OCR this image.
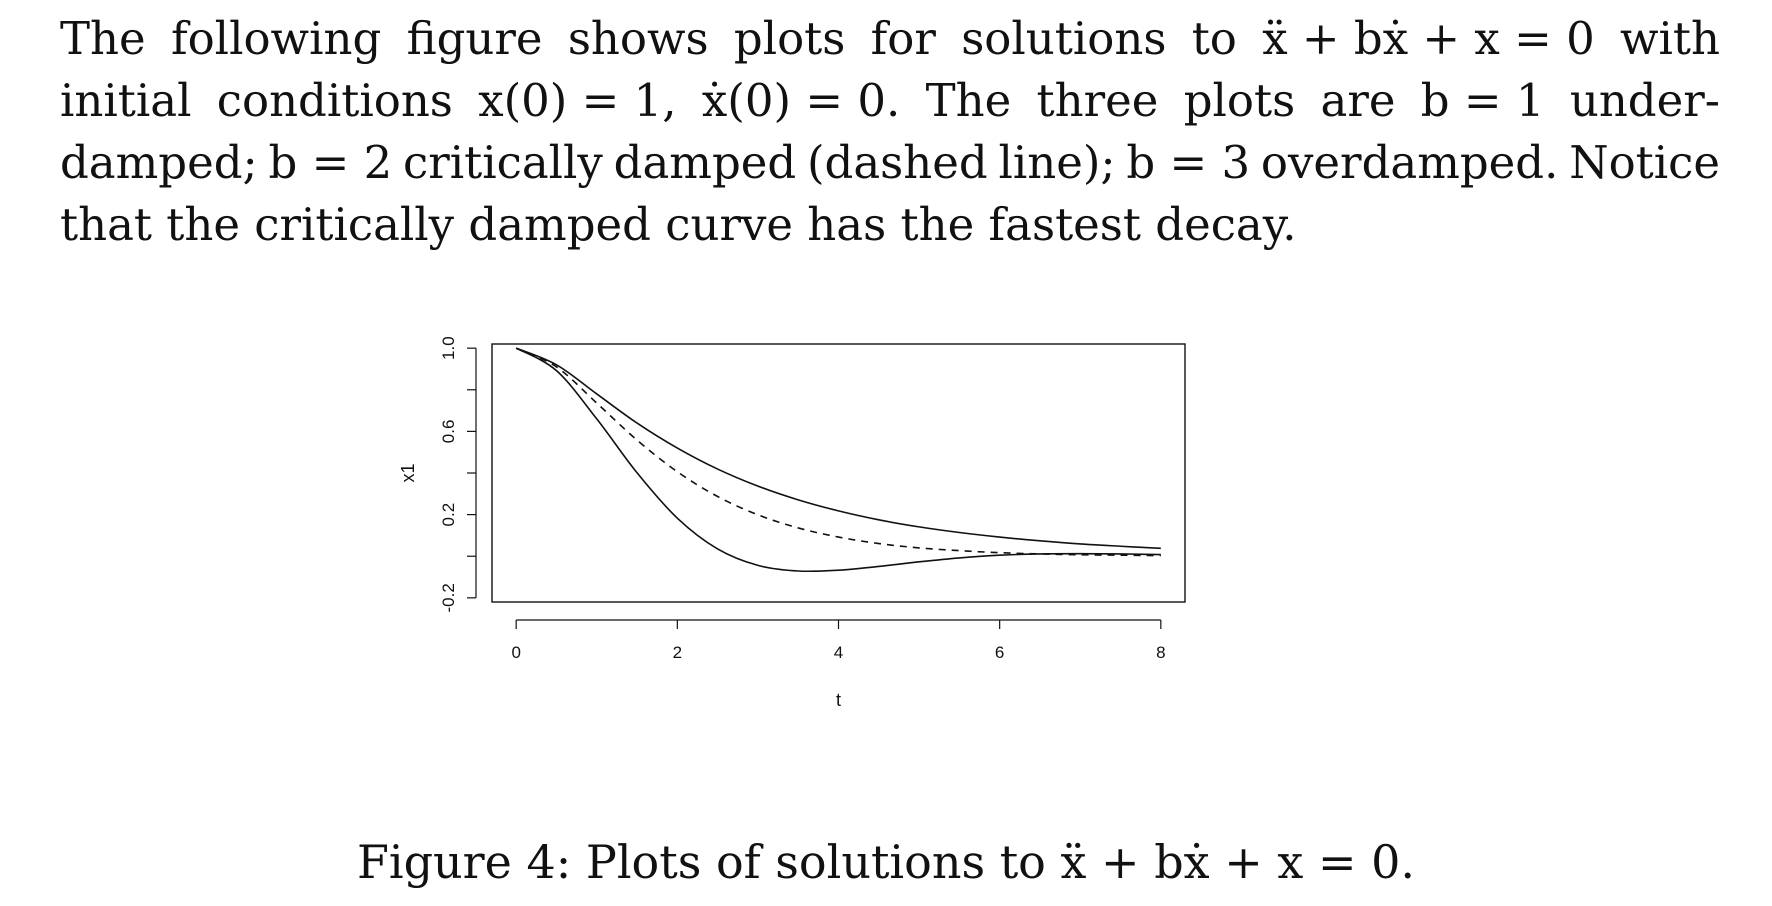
The following figure shows plots for solutions to ẍ + bẋ + x = 0 with
initial conditions x(0) = 1, ẋ(0) = 0. The three plots are b = 1 under-
damped; b = 2 critically damped (dashed line); b = 3 overdamped. Notice
that the critically damped curve has the fastest decay.
0	2	4	6	8
t
-0.2
0.2
0.6
1.0
x1
Figure 4: Plots of solutions to ẍ + bẋ + x = 0.
